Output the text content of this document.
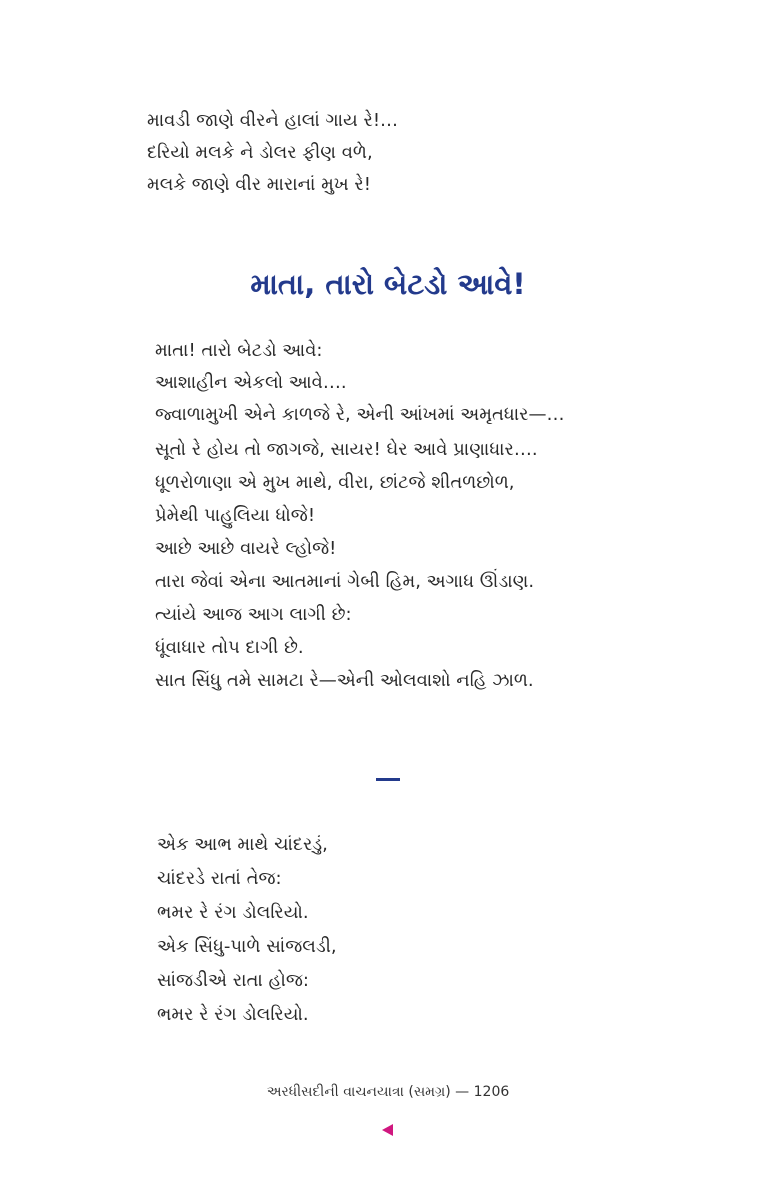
માવડી જાણે વીરને હાલાં ગાય રે!…
દરિયો મલકે ને ડોલર ફીણ વળે,
મલકે જાણે વીર મારાનાં મુખ રે!
માતા, તારો બેટડો આવે!
માતા! તારો બેટડો આવે:
આશાહીન એકલો આવે….
જ્વાળામુખી એને કાળજે રે, એની આંખમાં અમૃતધાર—…
સૂતો રે હોય તો જાગજે, સાયર! ઘેર આવે પ્રાણાધાર….
ધૂળરોળાણા એ મુખ માથે, વીરા, છાંટજે શીતળછોળ,
પ્રેમેથી પાહુલિયા ધોજે!
આછે આછે વાયરે લ્હોજે!
તારા જેવાં એના આતમાનાં ગેબી હિમ, અગાધ ઊંડાણ.
ત્યાંયે આજ આગ લાગી છે:
ધૂંવાધાર તોપ દાગી છે.
સાત સિંધુ તમે સામટા રે—એની ઓલવાશો નહિ ઝાળ.
એક આભ માથે ચાંદરડું,
ચાંદરડે રાતાં તેજ:
ભમર રે રંગ ડોલરિયો.
એક સિંધુ-પાળે સાંજલડી,
સાંજડીએ રાતા હોજ:
ભમર રે રંગ ડોલરિયો.
અરધીસદીની વાચનયાત્રા (સમગ્ર) — 1206
